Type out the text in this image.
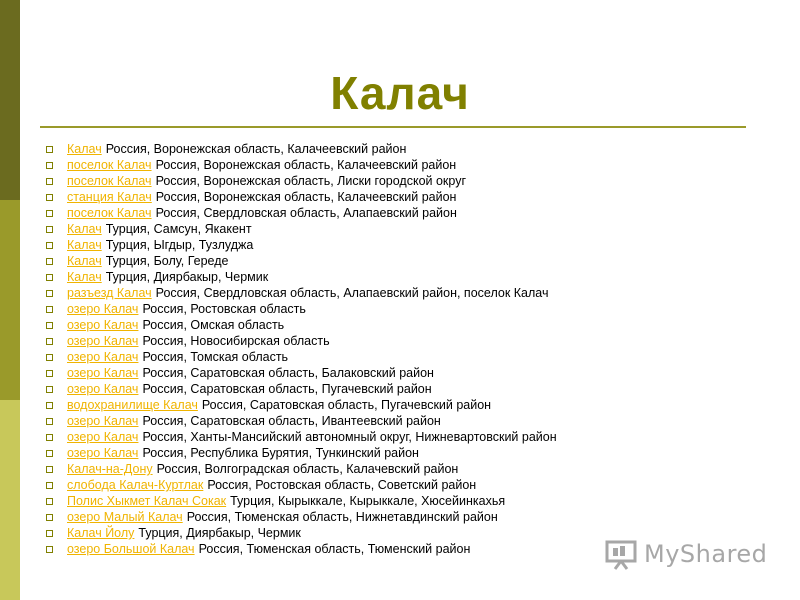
Калач
Калач Россия, Воронежская область, Калачеевский район
поселок Калач Россия, Воронежская область, Калачеевский район
поселок Калач Россия, Воронежская область, Лиски городской округ
станция Калач Россия, Воронежская область, Калачеевский район
поселок Калач Россия, Свердловская область, Алапаевский район
Калач Турция, Самсун, Якакент
Калач Турция, Ыгдыр, Тузлуджа
Калач Турция, Болу, Гереде
Калач Турция, Диярбакыр, Чермик
разъезд Калач Россия, Свердловская область, Алапаевский район, поселок Калач
озеро Калач Россия, Ростовская область
озеро Калач Россия, Омская область
озеро Калач Россия, Новосибирская область
озеро Калач Россия, Томская область
озеро Калач Россия, Саратовская область, Балаковский район
озеро Калач Россия, Саратовская область, Пугачевский район
водохранилище Калач Россия, Саратовская область, Пугачевский район
озеро Калач Россия, Саратовская область, Ивантеевский район
озеро Калач Россия, Ханты-Мансийский автономный округ, Нижневартовский район
озеро Калач Россия, Республика Бурятия, Тункинский район
Калач-на-Дону Россия, Волгоградская область, Калачевский район
слобода Калач-Куртлак Россия, Ростовская область, Советский район
Полис Хыкмет Калач Сокак Турция, Кырыккале, Кырыккале, Хюсейинкахья
озеро Малый Калач Россия, Тюменская область, Нижнетавдинский район
Калач Йолу Турция, Диярбакыр, Чермик
озеро Большой Калач Россия, Тюменская область, Тюменский район	MyShared
